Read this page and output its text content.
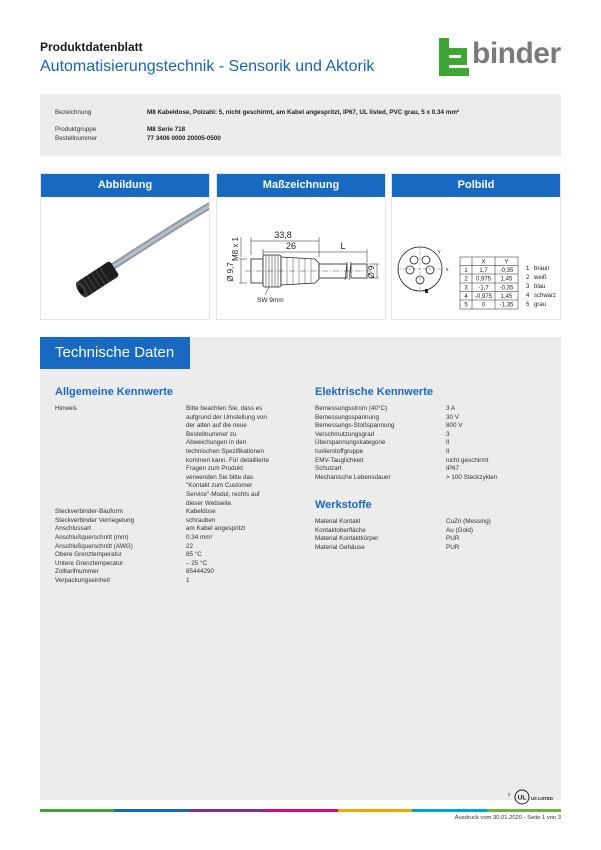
Produktdatenblatt
Automatisierungstechnik - Sensorik und Aktorik	binder
Bezeichnung	M8 Kabeldose, Polzahl: 5, nicht geschirmt, am Kabel angespritzt, IP67, UL listed, PVC grau, 5 x 0.34 mm²
Produktgruppe	M8 Serie 718
Bestellnummer	77 3406 0000 20005-0500
Abbildung	Maßzeichnung
33,8
26	L
M8 x 1
Ø 9,7	Ø 9
SW 9mm
Polbild
y
x
X	Y
1 1,7 -0,35
2 0,975 1,45
3 -1,7 -0,35
4 -0,975 1,45
5 0 -1,35
1 braun
2 weiß
3 blau
4 schwarz
5 grau
Technische Daten
Allgemeine Kennwerte
Hinweis	Bitte beachten Sie, dass es aufgrund der Umstellung von der alten auf die neue Bestellnummer zu Abweichungen in den technischen Spezifikationen kommen kann. Für detaillierte Fragen zum Produkt verwenden Sie bitte das "Kontakt zum Customer Service"-Modul, rechts auf dieser Webseite.
Steckverbinder-Bauform	Kabeldose
Steckverbinder Verriegelung	schrauben
Anschlussart	am Kabel angespritzt
Anschlußquerschnitt (mm)	0.34 mm²
Anschlußquerschnitt (AWG)	22
Obere Grenztemperatur	85 °C
Untere Grenztemperatur	– 25 °C
Zolltarifnummer	85444290
Verpackungseinheit	1
Elektrische Kennwerte
Bemessungsstrom (40°C)	3 A
Bemessungsspannung	30 V
Bemessungs-Stoßspannung	800 V
Verschmutzungsgrad	3
Überspannungskategorie	II
Isolierstoffgruppe	II
EMV-Tauglichkeit	nicht geschirmt
Schutzart	IP67
Mechanische Lebensdauer	> 100 Steckzyklen
Werkstoffe
Material Kontakt	CuZn (Messing)
Kontaktoberfläche	Au (Gold)
Material Kontaktkörper	PUR
Material Gehäuse	PUR
c UL US LISTED
Ausdruck vom 30.01.2020 - Seite 1 von 3
